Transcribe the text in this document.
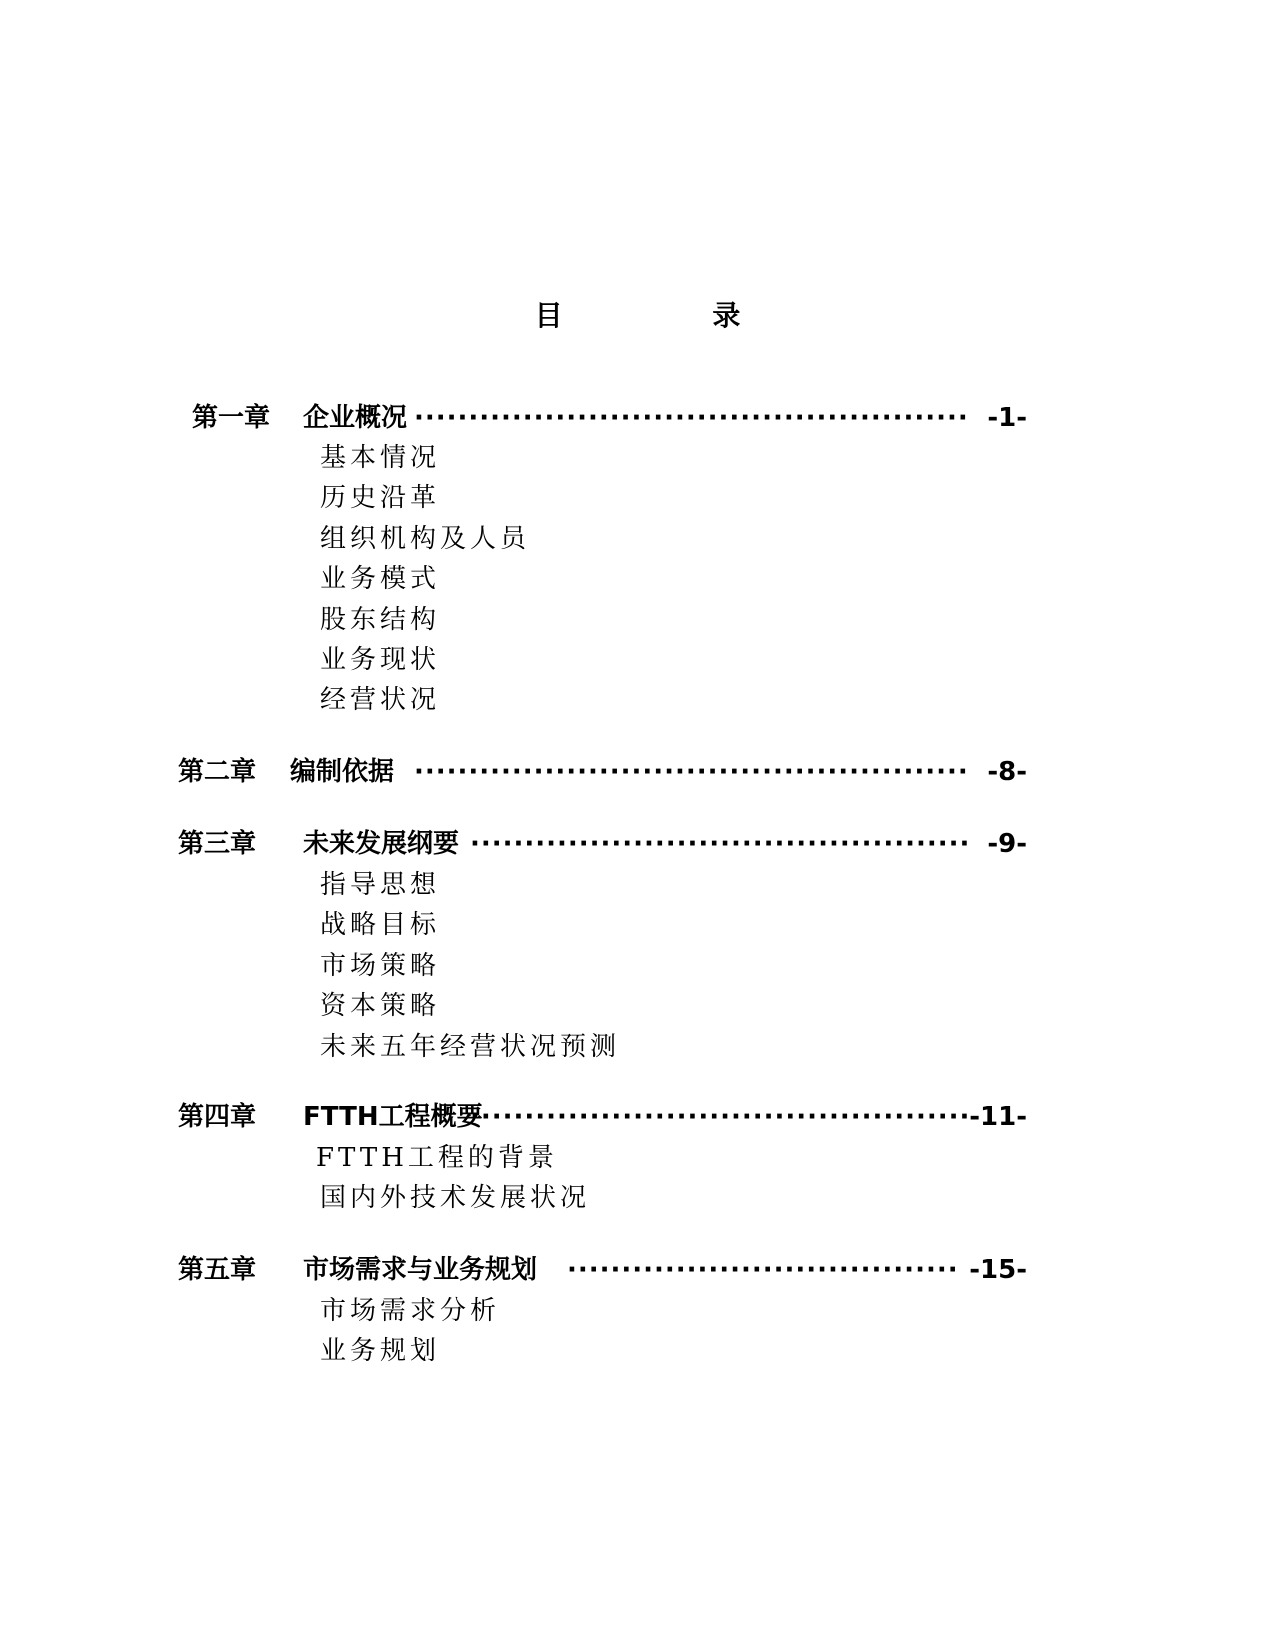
目 录
第一章 企业概况 ·····	-1-
基本情况
历史沿革
组织机构及人员
业务模式
股东结构
业务现状
经营状况
第二章 编制依据 ·····	-8-
第三章 未来发展纲要 ·····	-9-
指导思想
战略目标
市场策略
资本策略
未来五年经营状况预测
第四章 FTTH工程概要 ·····	-11-
FTTH工程的背景
国内外技术发展状况
第五章 市场需求与业务规划 ·····	-15-
市场需求分析
业务规划
